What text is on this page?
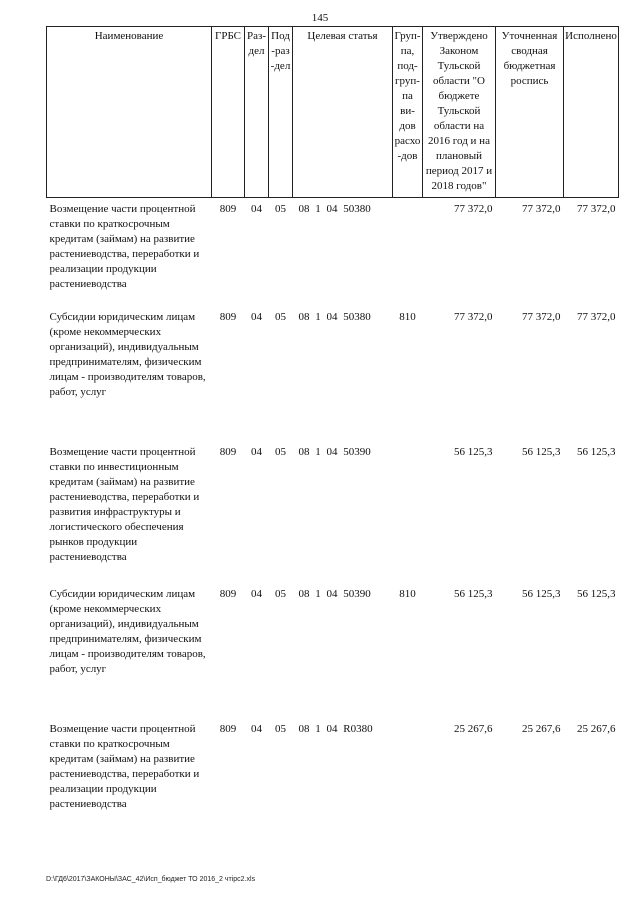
145
Наименование	ГРБС	Раз-дел	Под-раз-дел	Целевая статья	Груп-па, под-груп-па ви-дов расхо-дов	Утверждено Законом Тульской области "О бюджете Тульской области на 2016 год и на плановый период 2017 и 2018 годов"	Уточненная сводная бюджетная роспись	Исполнено
Возмещение части процентной ставки по краткосрочным кредитам (займам) на развитие растениеводства, переработки и реализации продукции растениеводства	809	04	05	08 1 04 50380		77 372,0	77 372,0	77 372,0
Субсидии юридическим лицам (кроме некоммерческих организаций), индивидуальным предпринимателям, физическим лицам - производителям товаров, работ, услуг	809	04	05	08 1 04 50380	810	77 372,0	77 372,0	77 372,0
Возмещение части процентной ставки по инвестиционным кредитам (займам) на развитие растениеводства, переработки и развития инфраструктуры и логистического обеспечения рынков продукции растениеводства	809	04	05	08 1 04 50390		56 125,3	56 125,3	56 125,3
Субсидии юридическим лицам (кроме некоммерческих организаций), индивидуальным предпринимателям, физическим лицам - производителям товаров, работ, услуг	809	04	05	08 1 04 50390	810	56 125,3	56 125,3	56 125,3
Возмещение части процентной ставки по краткосрочным кредитам (займам) на развитие растениеводства, переработки и реализации продукции растениеводства	809	04	05	08 1 04 R0380		25 267,6	25 267,6	25 267,6
D:\ГД6\2017\ЗАКОНЫ\ЗАС_42\Исп_бюджет ТО 2016_2 чтірс2.xls
